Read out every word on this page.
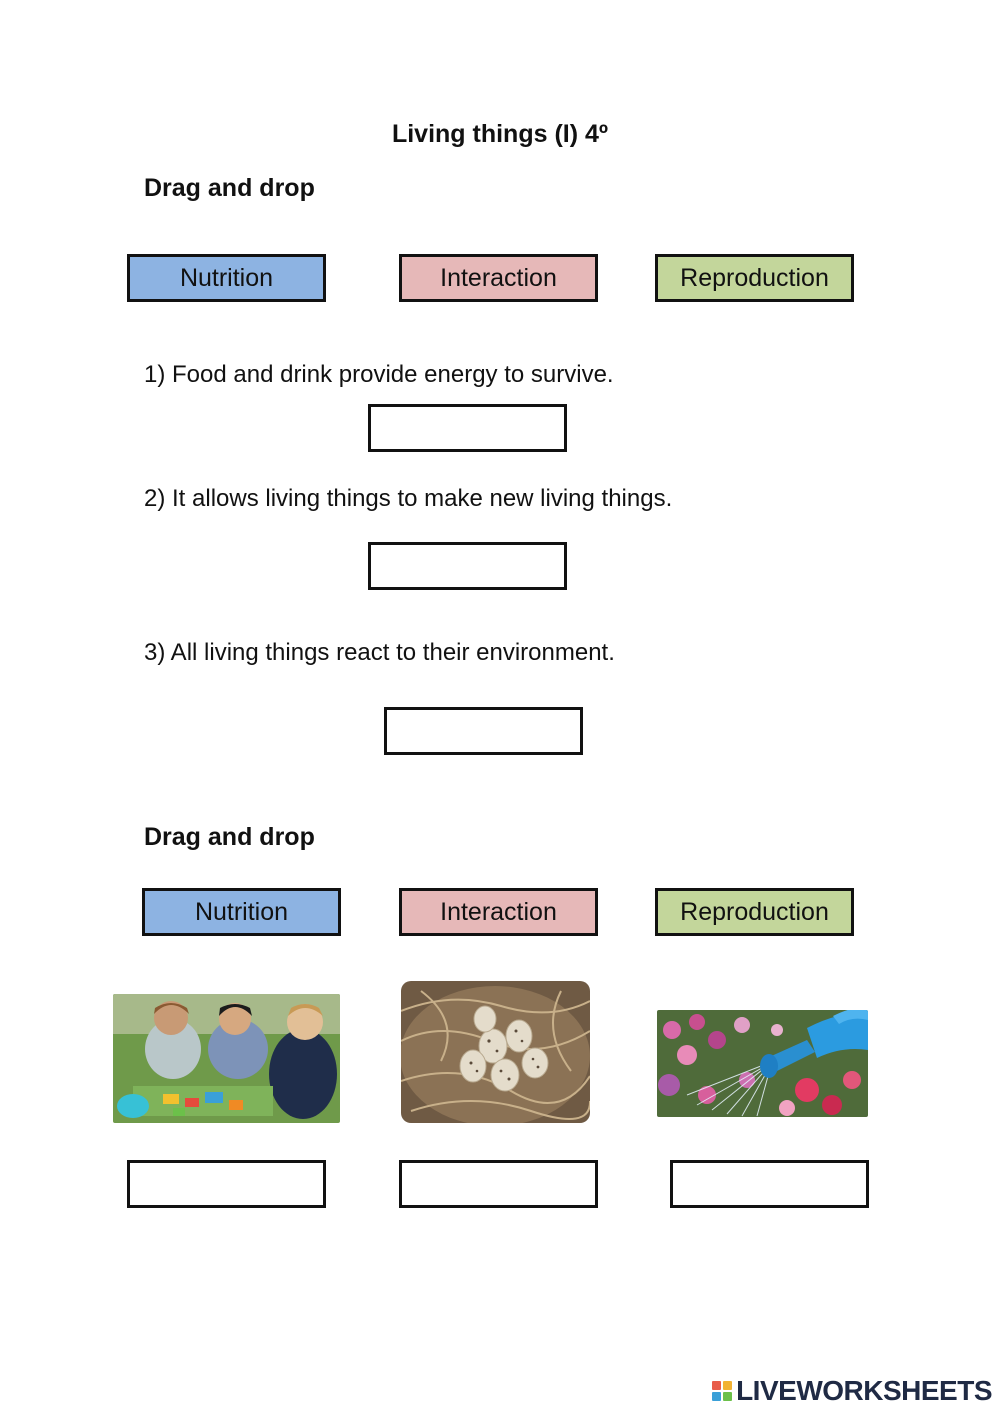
Living things (I) 4º
Drag and drop
Nutrition	Interaction	Reproduction
1) Food and drink provide energy to survive.
2) It allows living things to make new living things.
3) All living things react to their environment.
Drag and drop
Nutrition	Interaction	Reproduction
LIVEWORKSHEETS
